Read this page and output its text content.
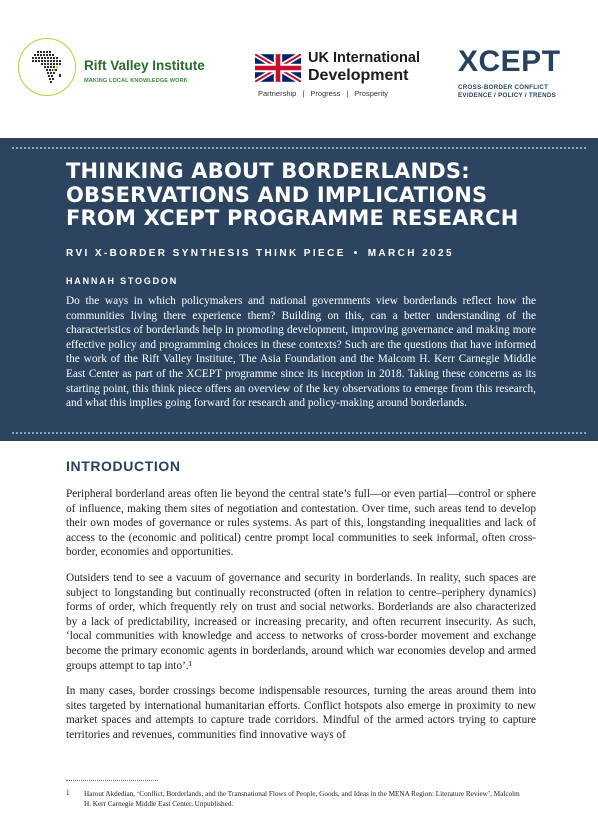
Rift Valley Institute
MAKING LOCAL KNOWLEDGE WORK
UK International
Development
Partnership | Progress | Prosperity
XCEPT
CROSS-BORDER CONFLICT
EVIDENCE / POLICY / TRENDS
THINKING ABOUT BORDERLANDS:
OBSERVATIONS AND IMPLICATIONS
FROM XCEPT PROGRAMME RESEARCH
RVI X-BORDER SYNTHESIS THINK PIECE • MARCH 2025
HANNAH STOGDON

Do the ways in which policymakers and national governments view borderlands reflect how the communities living there experience them? Building on this, can a better understanding of the characteristics of borderlands help in promoting development, improving governance and making more effective policy and programming choices in these contexts? Such are the questions that have informed the work of the Rift Valley Institute, The Asia Foundation and the Malcom H. Kerr Carnegie Middle East Center as part of the XCEPT programme since its inception in 2018. Taking these concerns as its starting point, this think piece offers an overview of the key observations to emerge from this research, and what this implies going forward for research and policy-making around borderlands.

INTRODUCTION

Peripheral borderland areas often lie beyond the central state’s full—or even partial—control or sphere of influence, making them sites of negotiation and contestation. Over time, such areas tend to develop their own modes of governance or rules systems. As part of this, longstanding inequalities and lack of access to the (economic and political) centre prompt local communities to seek informal, often cross-border, economies and opportunities.

Outsiders tend to see a vacuum of governance and security in borderlands. In reality, such spaces are subject to longstanding but continually reconstructed (often in relation to centre–periphery dynamics) forms of order, which frequently rely on trust and social networks. Borderlands are also characterized by a lack of predictability, increased or increasing precarity, and often recurrent insecurity. As such, ‘local communities with knowledge and access to networks of cross-border movement and exchange become the primary economic agents in borderlands, around which war economies develop and armed groups attempt to tap into’.¹

In many cases, border crossings become indispensable resources, turning the areas around them into sites targeted by international humanitarian efforts. Conflict hotspots also emerge in proximity to new market spaces and attempts to capture trade corridors. Mindful of the armed actors trying to capture territories and revenues, communities find innovative ways of

1 Harout Akdedian, ‘Conflict, Borderlands, and the Transnational Flows of People, Goods, and Ideas in the MENA Region: Literature Review’, Malcolm H. Kerr Carnegie Middle East Center, Unpublished.
